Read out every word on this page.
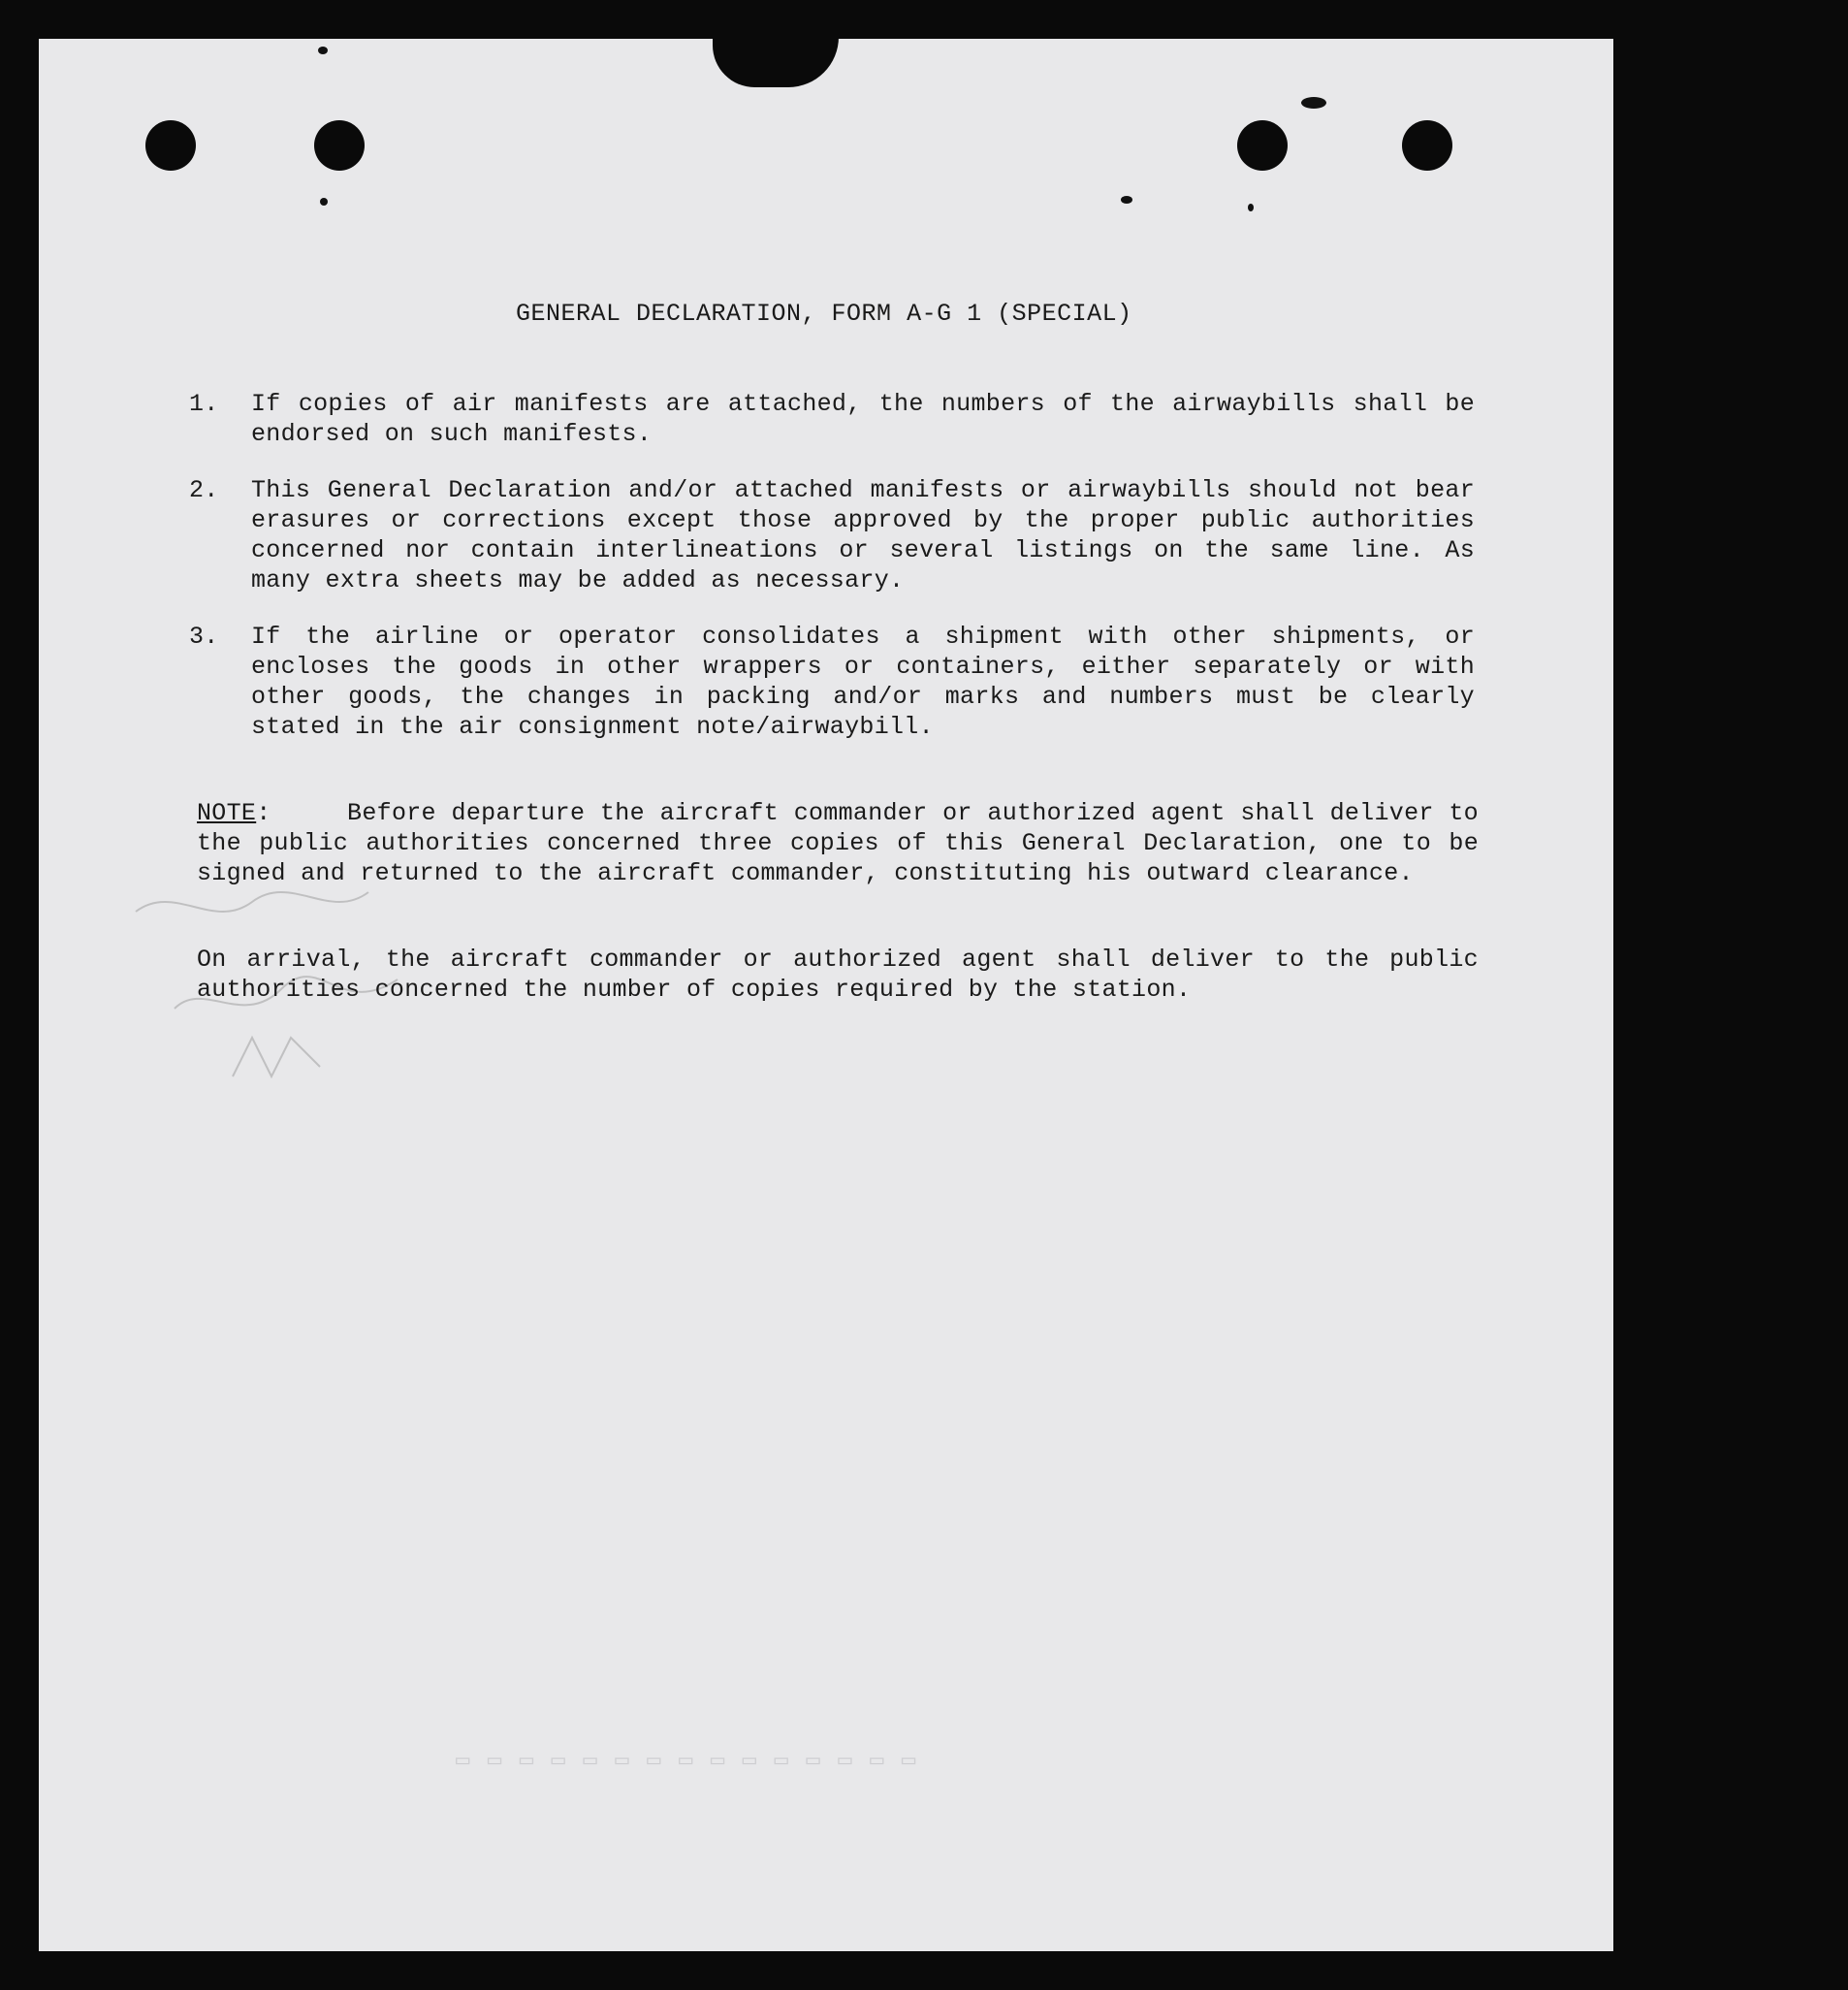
▭ ▭ ▭ ▭ ▭ ▭ ▭ ▭ ▭ ▭ ▭ ▭ ▭ ▭ ▭
GENERAL DECLARATION, FORM A-G 1 (SPECIAL)
1. If copies of air manifests are attached, the numbers of the airwaybills shall be endorsed on such manifests.
2. This General Declaration and/or attached manifests or airwaybills should not bear erasures or corrections except those approved by the proper public authorities concerned nor contain interlineations or several listings on the same line. As many extra sheets may be added as necessary.
3. If the airline or operator consolidates a shipment with other shipments, or encloses the goods in other wrappers or containers, either separately or with other goods, the changes in packing and/or marks and numbers must be clearly stated in the air consignment note/airwaybill.
NOTE:     Before departure the aircraft commander or authorized agent shall deliver to the public authorities concerned three copies of this General Declaration, one to be signed and returned to the aircraft commander, constituting his outward clearance.
On arrival, the aircraft commander or authorized agent shall deliver to the public authorities concerned the number of copies required by the station.
